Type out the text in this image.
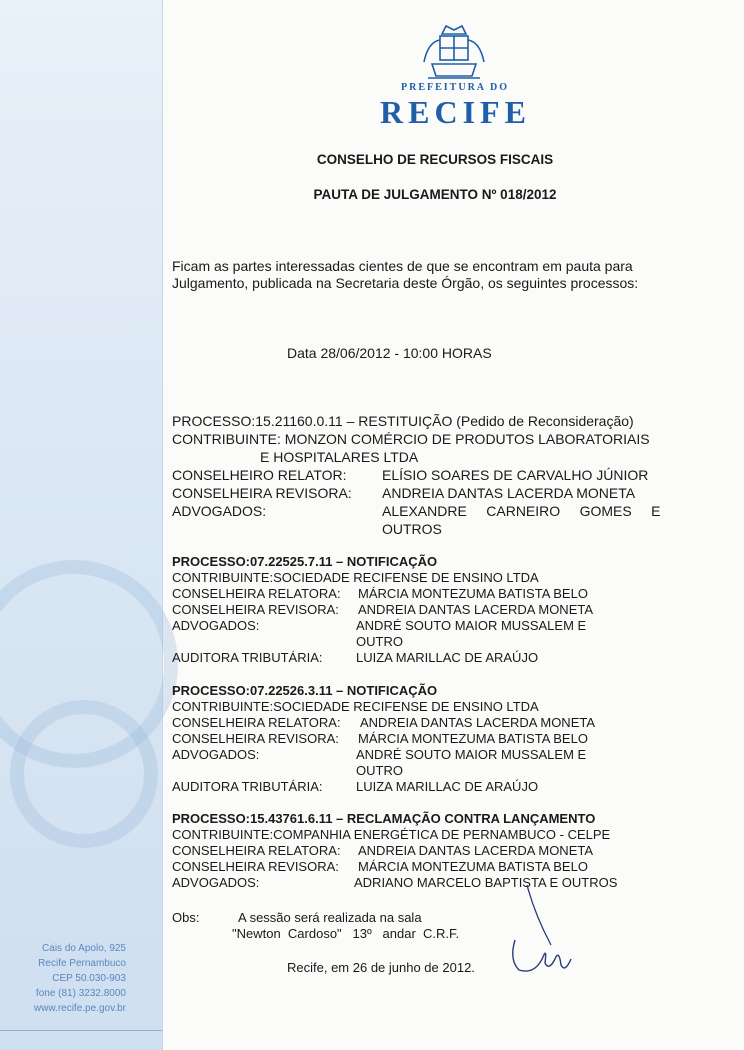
Cais do Apolo, 925
Recife Pernambuco
CEP 50.030-903
fone (81) 3232.8000
www.recife.pe.gov.br
PREFEITURA DO
RECIFE
CONSELHO DE RECURSOS FISCAIS
PAUTA DE JULGAMENTO Nº 018/2012
Ficam as partes interessadas cientes de que se encontram em pauta para
Julgamento, publicada na Secretaria deste Órgão, os seguintes processos:
Data 28/06/2012 - 10:00 HORAS
PROCESSO:15.21160.0.11 – RESTITUIÇÃO (Pedido de Reconsideração)
CONTRIBUINTE: MONZON COMÉRCIO DE PRODUTOS LABORATORIAIS
E HOSPITALARES LTDA
CONSELHEIRO RELATOR:	ELÍSIO SOARES DE CARVALHO JÚNIOR
CONSELHEIRA REVISORA: ANDREIA DANTAS LACERDA MONETA
ADVOGADOS:	ALEXANDRE     CARNEIRO     GOMES     E
OUTROS
PROCESSO:07.22525.7.11 – NOTIFICAÇÃO
CONTRIBUINTE:SOCIEDADE RECIFENSE DE ENSINO LTDA
CONSELHEIRA RELATORA: MÁRCIA MONTEZUMA BATISTA BELO
CONSELHEIRA REVISORA: ANDREIA DANTAS LACERDA MONETA
ADVOGADOS:	ANDRÉ SOUTO MAIOR MUSSALEM E
OUTRO
AUDITORA TRIBUTÁRIA:	LUIZA MARILLAC DE ARAÚJO
PROCESSO:07.22526.3.11 – NOTIFICAÇÃO
CONTRIBUINTE:SOCIEDADE RECIFENSE DE ENSINO LTDA
CONSELHEIRA RELATORA: ANDREIA DANTAS LACERDA MONETA
CONSELHEIRA REVISORA: MÁRCIA MONTEZUMA BATISTA BELO
ADVOGADOS:	ANDRÉ SOUTO MAIOR MUSSALEM E
OUTRO
AUDITORA TRIBUTÁRIA:	LUIZA MARILLAC DE ARAÚJO
PROCESSO:15.43761.6.11 – RECLAMAÇÃO CONTRA LANÇAMENTO
CONTRIBUINTE:COMPANHIA ENERGÉTICA DE PERNAMBUCO - CELPE
CONSELHEIRA RELATORA: ANDREIA DANTAS LACERDA MONETA
CONSELHEIRA REVISORA: MÁRCIA MONTEZUMA BATISTA BELO
ADVOGADOS:	ADRIANO MARCELO BAPTISTA E OUTROS
Obs:	A sessão será realizada na sala
"Newton  Cardoso"   13º   andar  C.R.F.
Recife, em 26 de junho de 2012.
